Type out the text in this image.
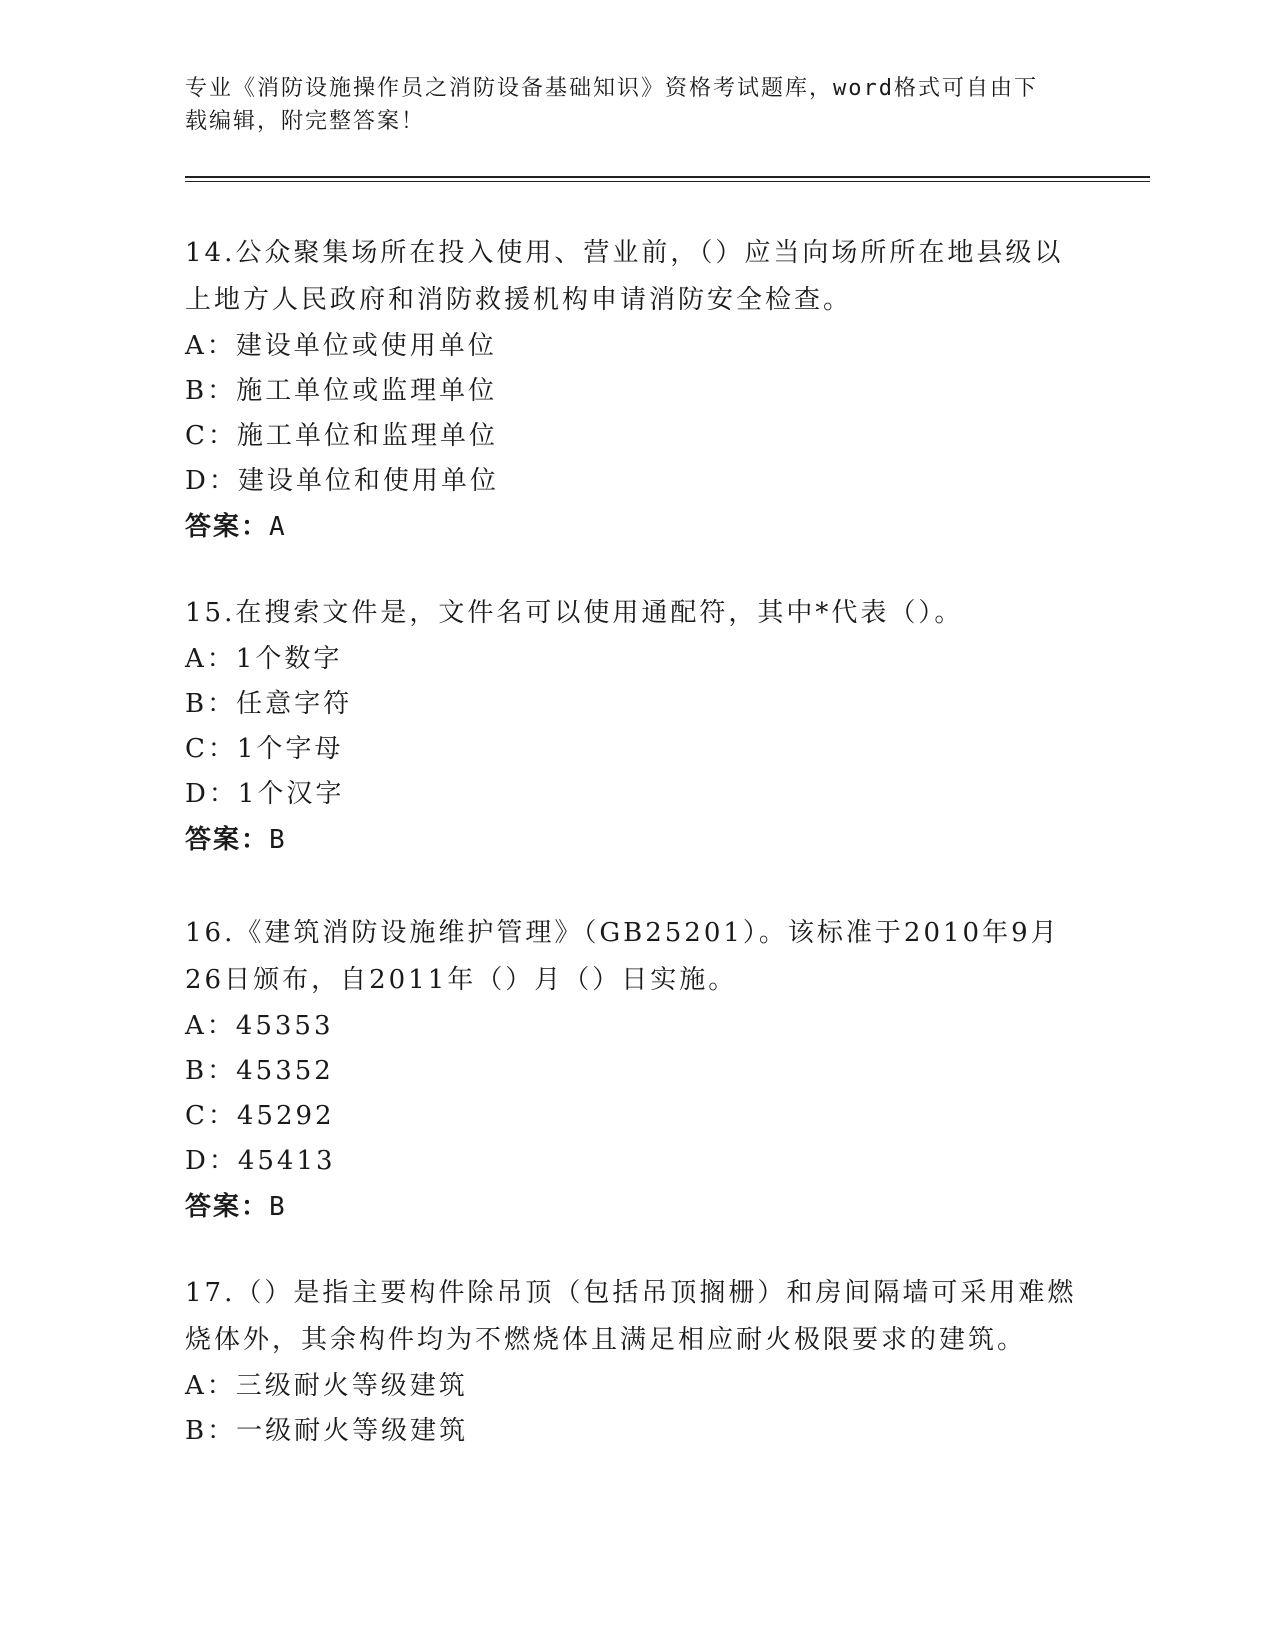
专业《消防设施操作员之消防设备基础知识》资格考试题库，word格式可自由下
载编辑，附完整答案！

14.公众聚集场所在投入使用、营业前，（）应当向场所所在地县级以上地方人民政府和消防救援机构申请消防安全检查。

A：建设单位或使用单位

B：施工单位或监理单位

C：施工单位和监理单位

D：建设单位和使用单位

答案：A

15.在搜索文件是，文件名可以使用通配符，其中*代表（）。

A：1个数字

B：任意字符

C：1个字母

D：1个汉字

答案：B

16.《建筑消防设施维护管理》（GB25201）。该标准于2010年9月26日颁布，自2011年（）月（）日实施。

A：45353

B：45352

C：45292

D：45413

答案：B

17.（）是指主要构件除吊顶（包括吊顶搁栅）和房间隔墙可采用难燃烧体外，其余构件均为不燃烧体且满足相应耐火极限要求的建筑。

A：三级耐火等级建筑

B：一级耐火等级建筑
